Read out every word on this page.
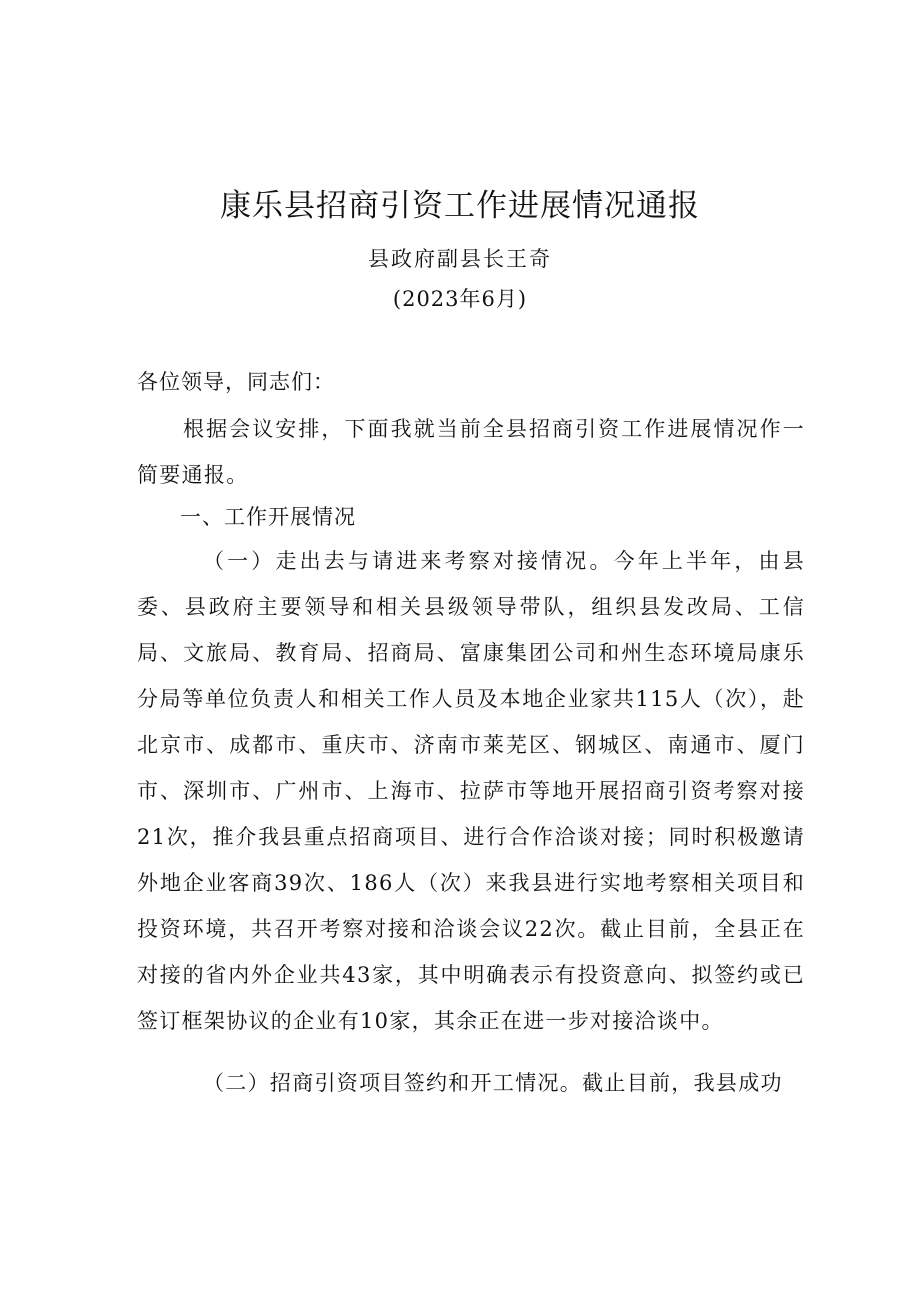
康乐县招商引资工作进展情况通报
县政府副县长王奇
(2023年6月)
各位领导，同志们：
根据会议安排，下面我就当前全县招商引资工作进展情况作一简要通报。
一、工作开展情况
（一）走出去与请进来考察对接情况。今年上半年，由县委、县政府主要领导和相关县级领导带队，组织县发改局、工信局、文旅局、教育局、招商局、富康集团公司和州生态环境局康乐分局等单位负责人和相关工作人员及本地企业家共115人（次），赴北京市、成都市、重庆市、济南市莱芜区、钢城区、南通市、厦门市、深圳市、广州市、上海市、拉萨市等地开展招商引资考察对接21次，推介我县重点招商项目、进行合作洽谈对接；同时积极邀请外地企业客商39次、186人（次）来我县进行实地考察相关项目和投资环境，共召开考察对接和洽谈会议22次。截止目前，全县正在对接的省内外企业共43家，其中明确表示有投资意向、拟签约或已签订框架协议的企业有10家，其余正在进一步对接洽谈中。
（二）招商引资项目签约和开工情况。截止目前，我县成功
